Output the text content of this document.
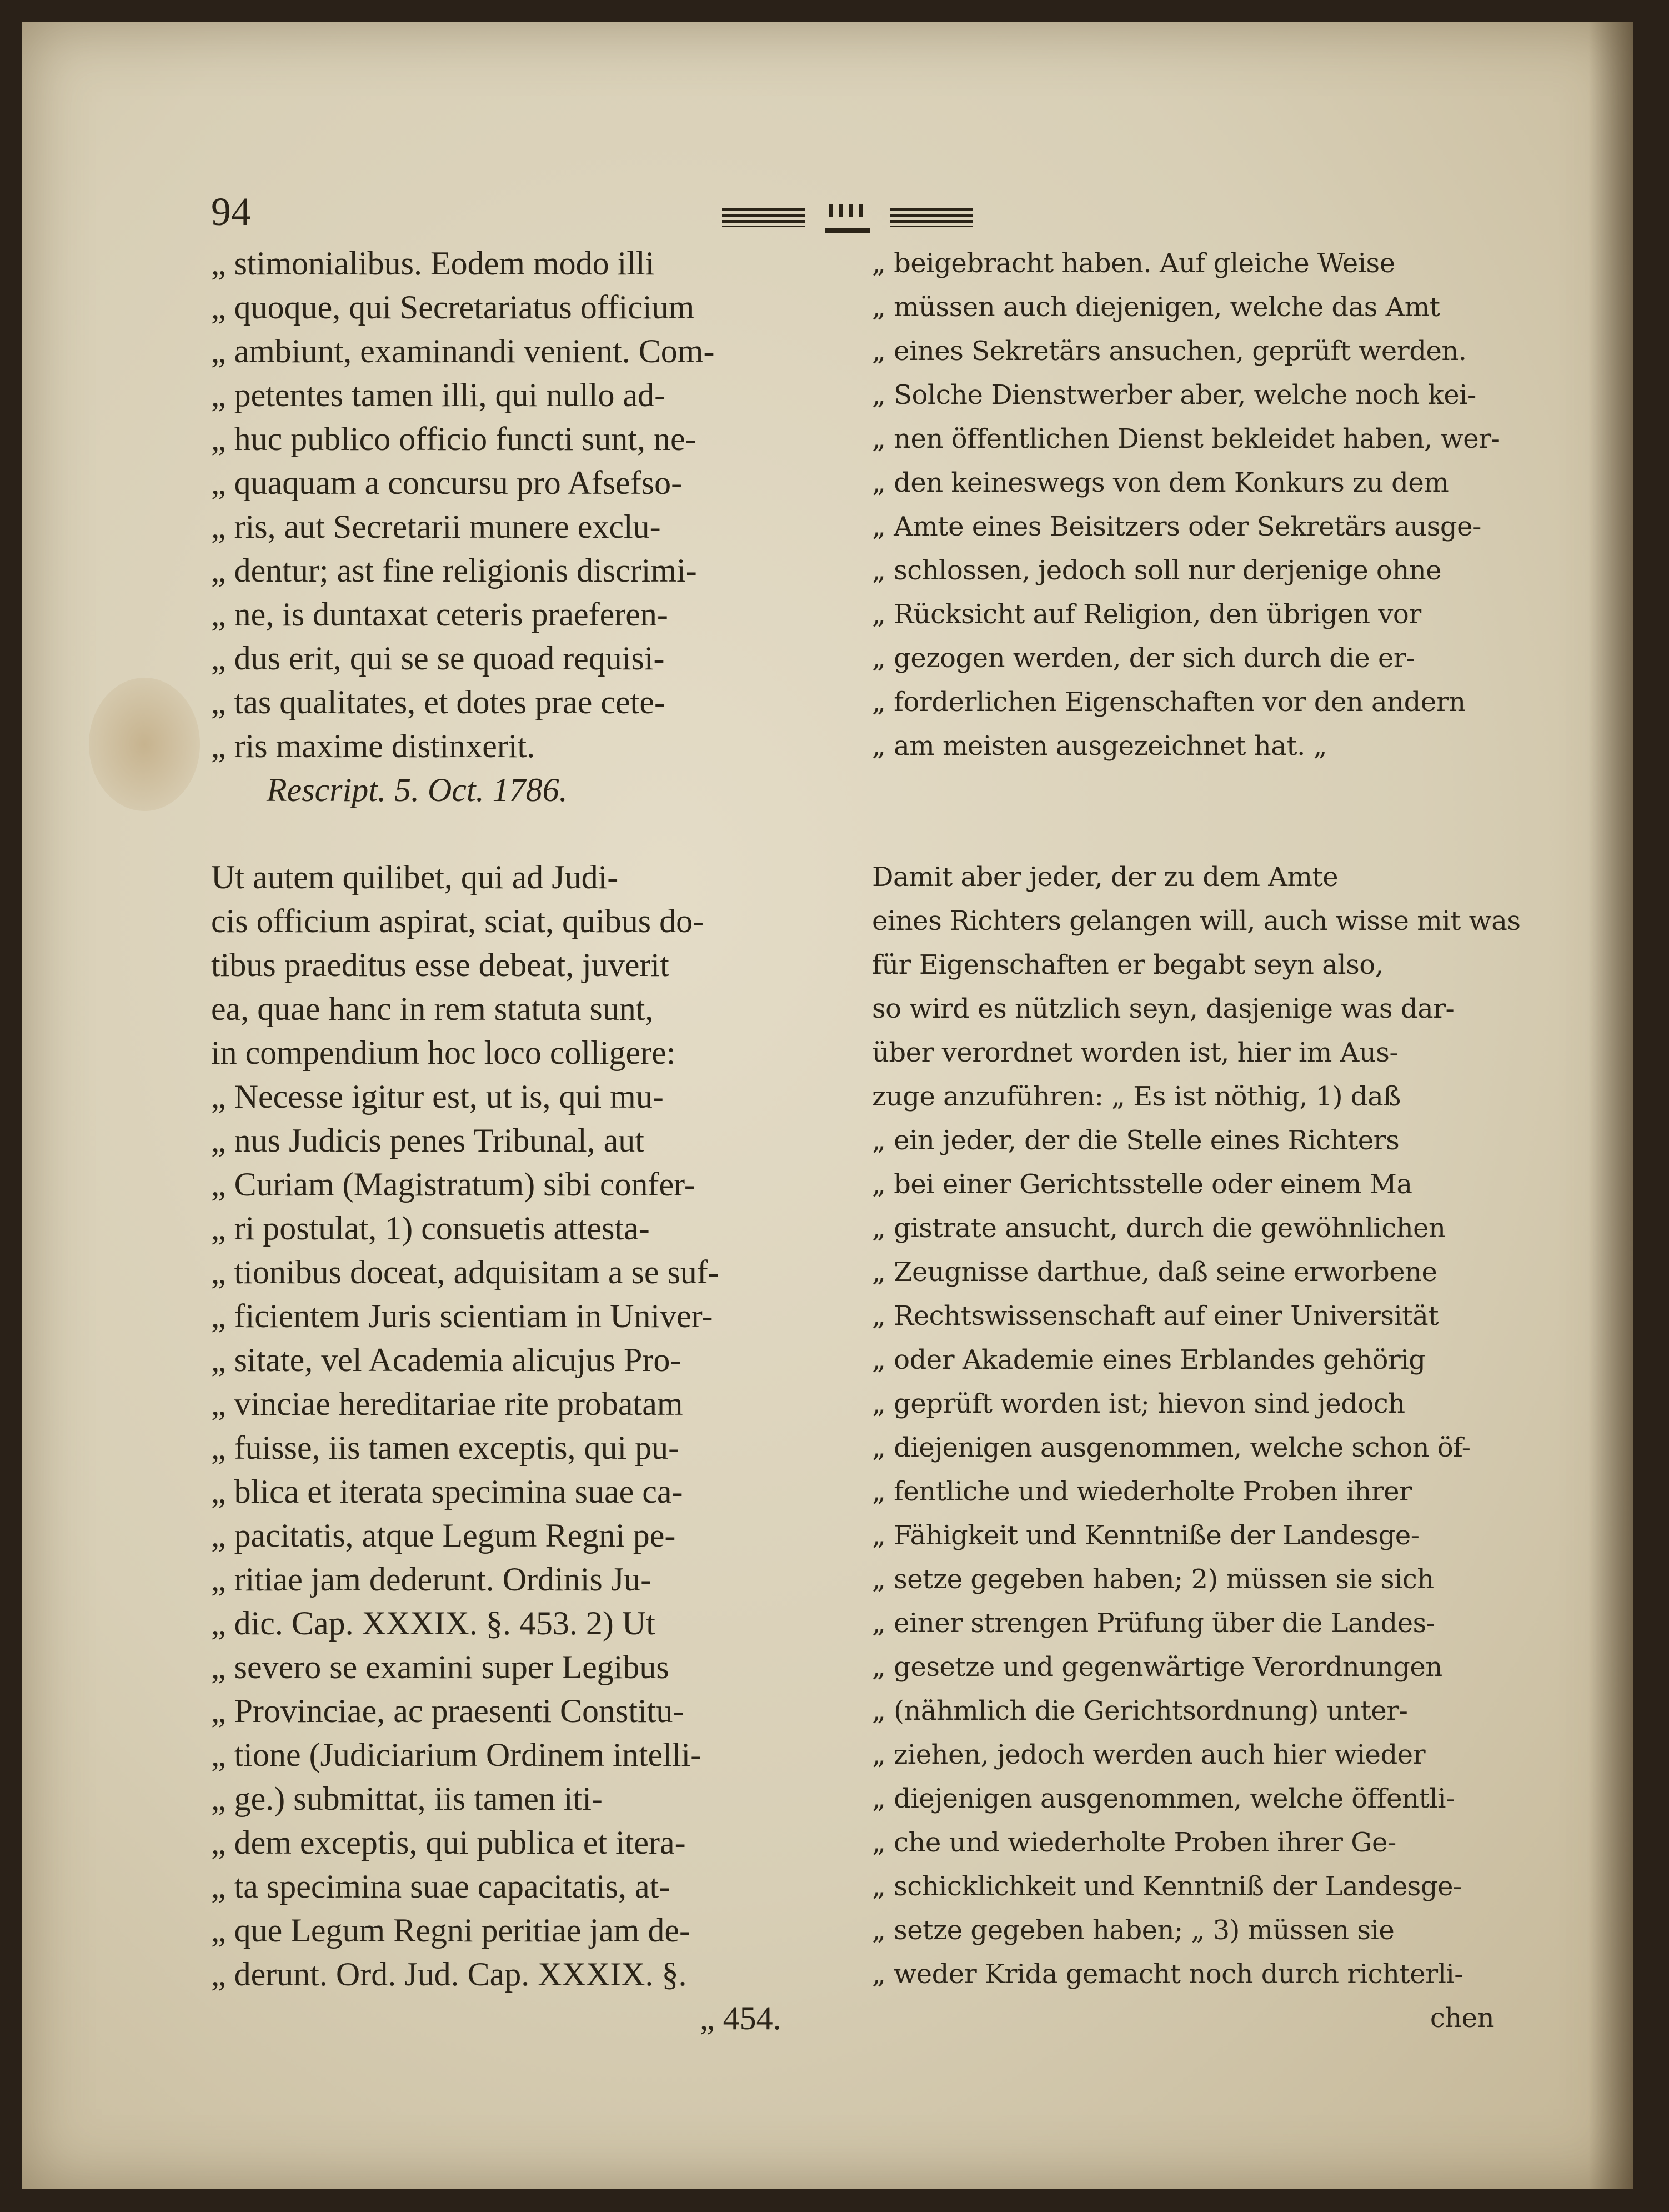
94
„ stimonialibus. Eodem modo illi
„ quoque, qui Secretariatus officium
„ ambiunt, examinandi venient. Com-
„ petentes tamen illi, qui nullo ad-
„ huc publico officio functi sunt, ne-
„ quaquam a concursu pro Afsefso-
„ ris, aut Secretarii munere exclu-
„ dentur; ast fine religionis discrimi-
„ ne, is duntaxat ceteris praeferen-
„ dus erit, qui se se quoad requisi-
„ tas qualitates, et dotes prae cete-
„ ris maxime distinxerit.
Rescript. 5. Oct. 1786.
„ beigebracht haben. Auf gleiche Weise
„ müssen auch diejenigen, welche das Amt
„ eines Sekretärs ansuchen, geprüft werden.
„ Solche Dienstwerber aber, welche noch kei-
„ nen öffentlichen Dienst bekleidet haben, wer-
„ den keineswegs von dem Konkurs zu dem
„ Amte eines Beisitzers oder Sekretärs ausge-
„ schlossen, jedoch soll nur derjenige ohne
„ Rücksicht auf Religion, den übrigen vor
„ gezogen werden, der sich durch die er-
„ forderlichen Eigenschaften vor den andern
„ am meisten ausgezeichnet hat. „
Ut autem quilibet, qui ad Judi-
cis officium aspirat, sciat, quibus do-
tibus praeditus esse debeat, juverit
ea, quae hanc in rem statuta sunt,
in compendium hoc loco colligere:
„ Necesse igitur est, ut is, qui mu-
„ nus Judicis penes Tribunal, aut
„ Curiam (Magistratum) sibi confer-
„ ri postulat, 1) consuetis attesta-
„ tionibus doceat, adquisitam a se suf-
„ ficientem Juris scientiam in Univer-
„ sitate, vel Academia alicujus Pro-
„ vinciae hereditariae rite probatam
„ fuisse, iis tamen exceptis, qui pu-
„ blica et iterata specimina suae ca-
„ pacitatis, atque Legum Regni pe-
„ ritiae jam dederunt. Ordinis Ju-
„ dic. Cap. XXXIX. §. 453. 2) Ut
„ severo se examini super Legibus
„ Provinciae, ac praesenti Constitu-
„ tione (Judiciarium Ordinem intelli-
„ ge.) submittat, iis tamen iti-
„ dem exceptis, qui publica et itera-
„ ta specimina suae capacitatis, at-
„ que Legum Regni peritiae jam de-
„ derunt. Ord. Jud. Cap. XXXIX. §.
„ 454.
Damit aber jeder, der zu dem Amte
eines Richters gelangen will, auch wisse mit was
für Eigenschaften er begabt seyn also,
so wird es nützlich seyn, dasjenige was dar-
über verordnet worden ist, hier im Aus-
zuge anzuführen: „ Es ist nöthig, 1) daß
„ ein jeder, der die Stelle eines Richters
„ bei einer Gerichtsstelle oder einem Ma
„ gistrate ansucht, durch die gewöhnlichen
„ Zeugnisse darthue, daß seine erworbene
„ Rechtswissenschaft auf einer Universität
„ oder Akademie eines Erblandes gehörig
„ geprüft worden ist; hievon sind jedoch
„ diejenigen ausgenommen, welche schon öf-
„ fentliche und wiederholte Proben ihrer
„ Fähigkeit und Kenntniße der Landesge-
„ setze gegeben haben; 2) müssen sie sich
„ einer strengen Prüfung über die Landes-
„ gesetze und gegenwärtige Verordnungen
„ (nähmlich die Gerichtsordnung) unter-
„ ziehen, jedoch werden auch hier wieder
„ diejenigen ausgenommen, welche öffentli-
„ che und wiederholte Proben ihrer Ge-
„ schicklichkeit und Kenntniß der Landesge-
„ setze gegeben haben; „ 3) müssen sie
„ weder Krida gemacht noch durch richterli-
chen
